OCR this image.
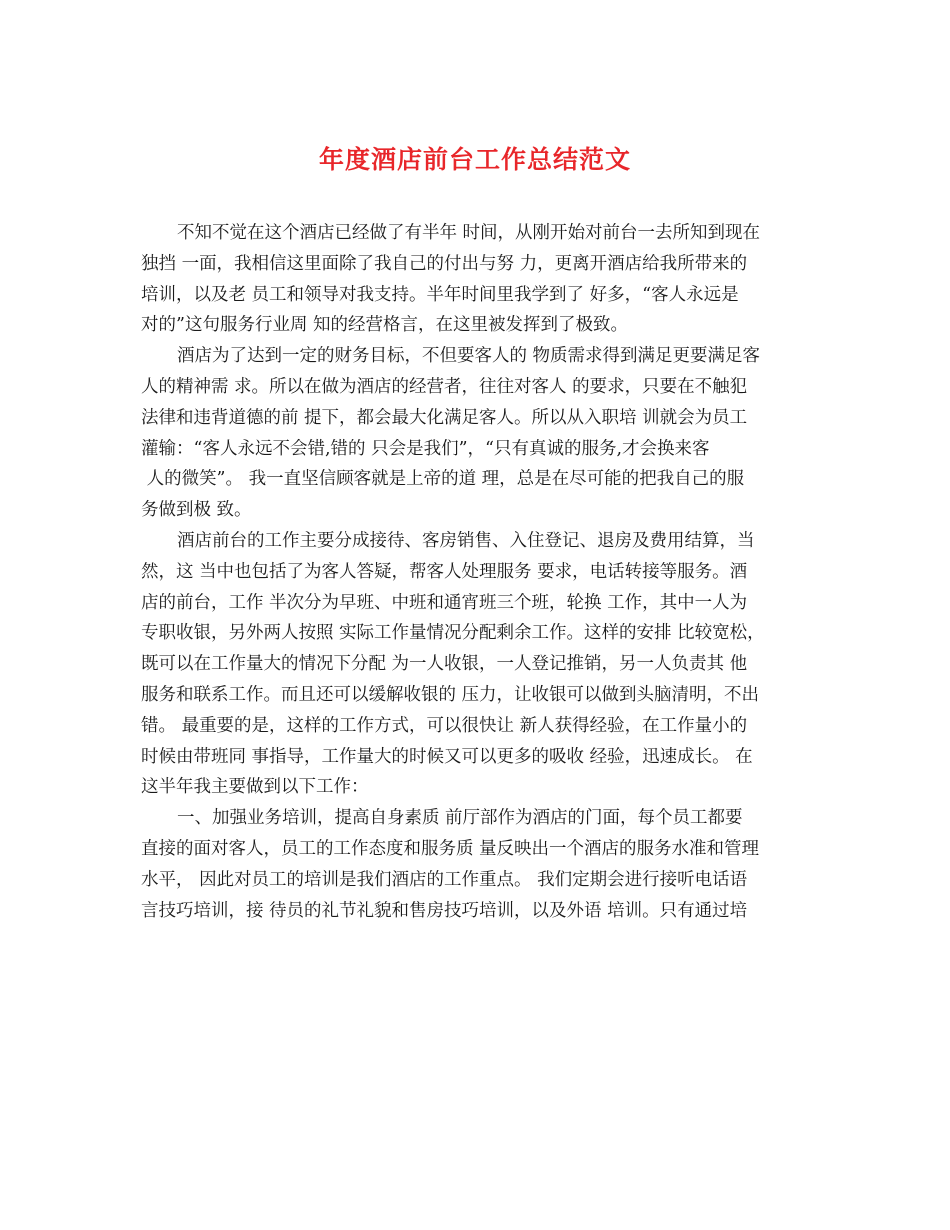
年度酒店前台工作总结范文
不知不觉在这个酒店已经做了有半年 时间，从刚开始对前台一去所知到现在
独挡 一面，我相信这里面除了我自己的付出与努 力，更离开酒店给我所带来的
培训，以及老 员工和领导对我支持。半年时间里我学到了 好多，“客人永远是
对的”这句服务行业周 知的经营格言，在这里被发挥到了极致。
酒店为了达到一定的财务目标，不但要客人的 物质需求得到满足更要满足客
人的精神需 求。所以在做为酒店的经营者，往往对客人 的要求，只要在不触犯
法律和违背道德的前 提下，都会最大化满足客人。所以从入职培 训就会为员工
灌输：“客人永远不会错,错的 只会是我们”，“只有真诚的服务,才会换来客
人的微笑”。 我一直坚信顾客就是上帝的道 理，总是在尽可能的把我自己的服
务做到极 致。
酒店前台的工作主要分成接待、客房销售、入住登记、退房及费用结算，当
然，这 当中也包括了为客人答疑，帮客人处理服务 要求，电话转接等服务。酒
店的前台，工作 半次分为早班、中班和通宵班三个班，轮换 工作，其中一人为
专职收银，另外两人按照 实际工作量情况分配剩余工作。这样的安排 比较宽松，
既可以在工作量大的情况下分配 为一人收银，一人登记推销，另一人负责其 他
服务和联系工作。而且还可以缓解收银的 压力，让收银可以做到头脑清明，不出
错。 最重要的是，这样的工作方式，可以很快让 新人获得经验，在工作量小的
时候由带班同 事指导，工作量大的时候又可以更多的吸收 经验，迅速成长。 在
这半年我主要做到以下工作：
一、加强业务培训，提高自身素质 前厅部作为酒店的门面，每个员工都要
直接的面对客人，员工的工作态度和服务质 量反映出一个酒店的服务水准和管理
水平， 因此对员工的培训是我们酒店的工作重点。 我们定期会进行接听电话语
言技巧培训，接 待员的礼节礼貌和售房技巧培训，以及外语 培训。只有通过培
